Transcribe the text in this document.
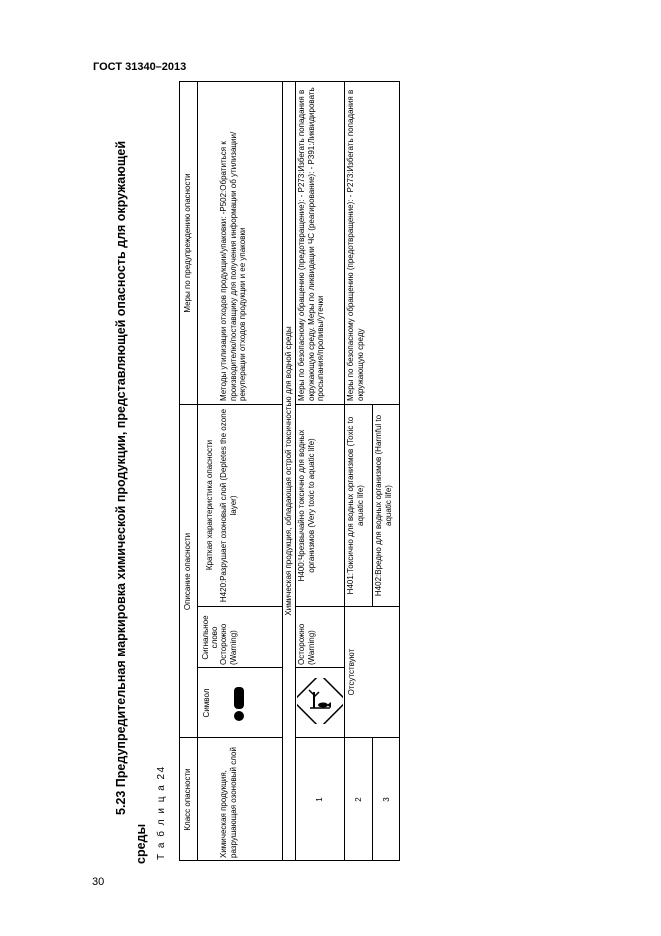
ГОСТ 31340–2013
30
5.23 Предупредительная маркировка химической продукции, представляющей опасность для окружающей
среды Т а б л и ц а 24	Класс опасности
Описание опасности
Символ
Сигнальное слово
Краткая характеристика опасности
Меры по предупреждению опасности
Химическая продукция, разрушающая озоновый слой
Осторожно (Warning)
H420:Разрушает озоновый слой (Depletes the ozone layer)
Методы утилизации отходов продукции/упаковки: -P502:Обратиться к производителю/поставщику для получения информации об утилизации/рекуперации отходов продукции и ее упаковки
Химическая продукция, обладающая острой токсичностью для водной среды
1
Осторожно (Warning)
H400:Чрезвычайно токсично для водных организмов (Very toxic to aquatic life)
Меры по безопасному обращению (предотвращение): - P273:Избегать попадания в окружающую среду. Меры по ликвидации ЧС (реагирование): - P391:Ликвидировать просыпания/проливы/утечки
2
Отсутствуют
H401:Токсично для водных организмов (Toxic to aquatic life)
Меры по безопасному обращению (предотвращение): - P273:Избегать попадания в окружающую среду
3
H402:Вредно для водных организмов (Harmful to aquatic life)
